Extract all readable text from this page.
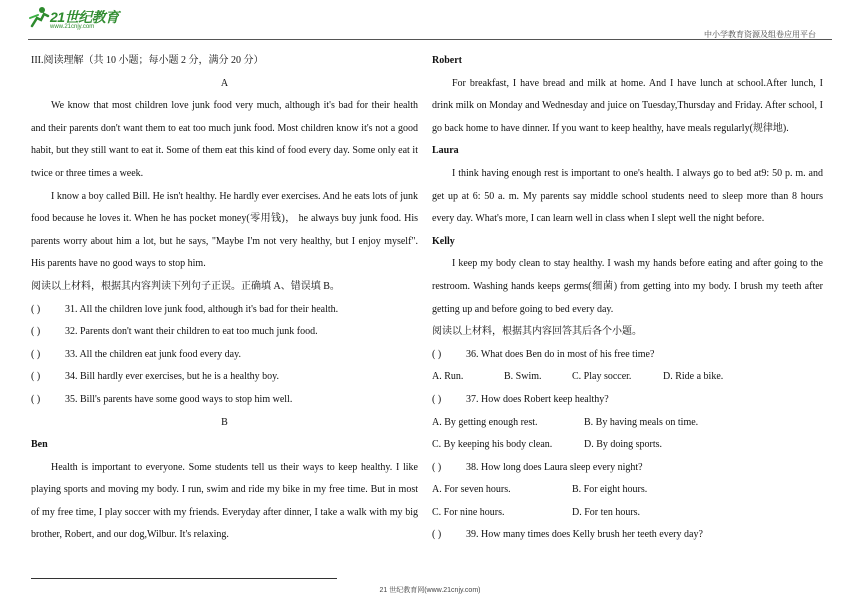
21世纪教育
www.21cnjy.com
中小学教育资源及组卷应用平台

III.阅读理解（共 10 小题；每小题 2 分，满分 20 分）

A

We know that most children love junk food very much, although it's bad for their health and their parents don't want them to eat too much junk food. Most children know it's not a good habit, but they still want to eat it. Some of them eat this kind of food every day. Some only eat it twice or three times a week.

I know a boy called Bill. He isn't healthy. He hardly ever exercises. And he eats lots of junk food because he loves it. When he has pocket money(零用钱)， he always buy junk food. His parents worry about him a lot, but he says, "Maybe I'm not very healthy, but I enjoy myself". His parents have no good ways to stop him.

阅读以上材料，根据其内容判读下列句子正误。正确填 A、错误填 B。

( )	31. All the children love junk food, although it's bad for their health.
( )	32. Parents don't want their children to eat too much junk food.
( )	33. All the children eat junk food every day.
( )	34. Bill hardly ever exercises, but he is a healthy boy.
( )	35. Bill's parents have some good ways to stop him well.

B

Ben

Health is important to everyone. Some students tell us their ways to keep healthy. I like playing sports and moving my body. I run, swim and ride my bike in my free time. But in most of my free time, I play soccer with my friends. Everyday after dinner, I take a walk with my big brother, Robert, and our dog,Wilbur. It's relaxing.

Robert

For breakfast, I have bread and milk at home. And I have lunch at school.After lunch, I drink milk on Monday and Wednesday and juice on Tuesday,Thursday and Friday. After school, I go back home to have dinner. If you want to keep healthy, have meals regularly(规律地).

Laura

I think having enough rest is important to one's health. I always go to bed at9: 50 p. m. and get up at 6: 50 a. m. My parents say middle school students need to sleep more than 8 hours every day. What's more, I can learn well in class when I slept well the night before.

Kelly

I keep my body clean to stay healthy. I wash my hands before eating and after going to the restroom. Washing hands keeps germs(细菌) from getting into my body. I brush my teeth after getting up and before going to bed every day.

阅读以上材料，根据其内容回答其后各个小题。

( )	36. What does Ben do in most of his free time?
A. Run.	B. Swim.	C. Play soccer.	D. Ride a bike.
( )	37. How does Robert keep healthy?
A. By getting enough rest.	B. By having meals on time.
C. By keeping his body clean.	D. By doing sports.
( )	38. How long does Laura sleep every night?
A. For seven hours.	B. For eight hours.
C. For nine hours.	D. For ten hours.
( )	39. How many times does Kelly brush her teeth every day?
21 世纪教育网(www.21cnjy.com)
